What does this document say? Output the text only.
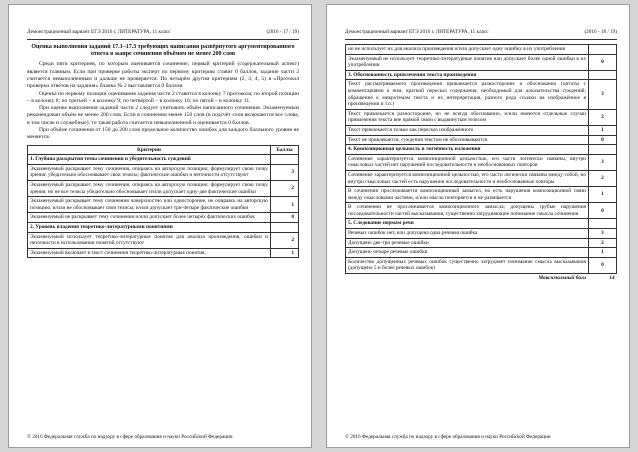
Демонстрационный вариант ЕГЭ 2016 г. ЛИТЕРАТУРА, 11 класс	(2016 - 17 / 19)
Оценка выполнения заданий 17.1–17.3 требующих написания развёрнутого аргументированного ответа в жанре сочинения объёмом не менее 200 слов

Среди пяти критериев, по которым оценивается сочинение, первый критерий (содержательный аспект) является главным. Если при проверке работы эксперт по первому критерию ставит 0 баллов, задание части 2 считается невыполненным и дальше не проверяется. По четырём другим критериям (2, 3, 4, 5) в «Протокол проверки ответов на задания» бланка № 2 выставляется 0 баллов.

Оценка по первому позиции оценивания задания части 2 ставится в колонку 7 протокола; по второй позиции – в колонку 8; по третьей – в колонку 9; по четвёртой – в колонку 10; по пятой – в колонку 11.

При оценке выполнения заданий части 2 следует учитывать объём написанного сочинения. Экзаменуемым рекомендован объём не менее 200 слов. Если в сочинении менее 150 слов (в подсчёт слов включаются все слова, в том числе и служебные), то такая работа считается невыполненной и оценивается 0 баллов.

При объёме сочинения от 150 до 200 слов предельное количество ошибок для каждого балльного уровня не меняется.

Критерии	Баллы
1. Глубина раскрытия темы сочинения и убедительность суждений	
Экзаменуемый раскрывает тему сочинения, опираясь на авторскую позицию; формулирует свою точку зрения; убедительно обосновывает свои тезисы; фактические ошибки и неточности отсутствуют	3
Экзаменуемый раскрывает тему сочинения, опираясь на авторскую позицию; формулирует свою точку зрения, но не все тезисы убедительно обосновывает и/или допускает одну-две фактические ошибки	2
Экзаменуемый раскрывает тему сочинения поверхностно или односторонне, не опираясь на авторскую позицию, и/или не обосновывает свои тезисы, и/или допускает три-четыре фактические ошибки	1
Экзаменуемый не раскрывает тему сочинения и/или допускает более четырёх фактических ошибок	0
2. Уровень владения теоретико-литературными понятиями	
Экзаменуемый использует теоретико-литературные понятия для анализа произведения, ошибки и неточности в использовании понятий отсутствуют	2
Экзаменуемый включает в текст сочинения теоретико-литературные понятия,	1
© 2016 Федеральная служба по надзору в сфере образования и науки Российской Федерации
Демонстрационный вариант ЕГЭ 2016 г. ЛИТЕРАТУРА, 11 класс	(2016 - 18 / 19)
но не использует их для анализа произведения и/или допускает одну ошибку в их употреблении	
Экзаменуемый не использует теоретико-литературные понятия или допускает более одной ошибки в их употреблении	0
3. Обоснованность привлечения текста произведения	
Текст рассматриваемого произведения привлекается разносторонне и обоснованно (цитаты с комментариями к ним, краткий пересказ содержания, необходимый для доказательства суждений; обращение к микротемам текста и их интерпретация, разного рода ссылки на изображённое в произведении и т.п.)	3
Текст привлекается разносторонне, но не всегда обоснованно, и/или имеются отдельные случаи привлечения текста вне прямой связи с выдвинутым тезисом	2
Текст привлекается только как пересказ изображённого	1
Текст не привлекается, суждения текстом не обосновываются	0
4. Композиционная цельность и логичность изложения	
Сочинение характеризуется композиционной цельностью, его части логически связаны, внутри смысловых частей нет нарушений последовательности и необоснованных повторов	3
Сочинение характеризуется композиционной цельностью, его части логически связаны между собой, но внутри смысловых частей есть нарушения последовательности и необоснованные повторы	2
В сочинении прослеживается композиционный замысел, но есть нарушения композиционной связи между смысловыми частями, и/или мысль повторяется и не развивается	1
В сочинении не прослеживается композиционного замысла; допущены грубые нарушения последовательности частей высказывания, существенно затрудняющие понимание смысла сочинения	0
5. Следование нормам речи	
Речевых ошибок нет, или допущена одна речевая ошибка	3
Допущено две-три речевые ошибки	2
Допущено четыре речевые ошибки	1
Количество допущенных речевых ошибок существенно затрудняет понимание смысла высказывания (допущено 5 и более речевых ошибок)	0
Максимальный балл	14
© 2016 Федеральная служба по надзору в сфере образования и науки Российской Федерации
